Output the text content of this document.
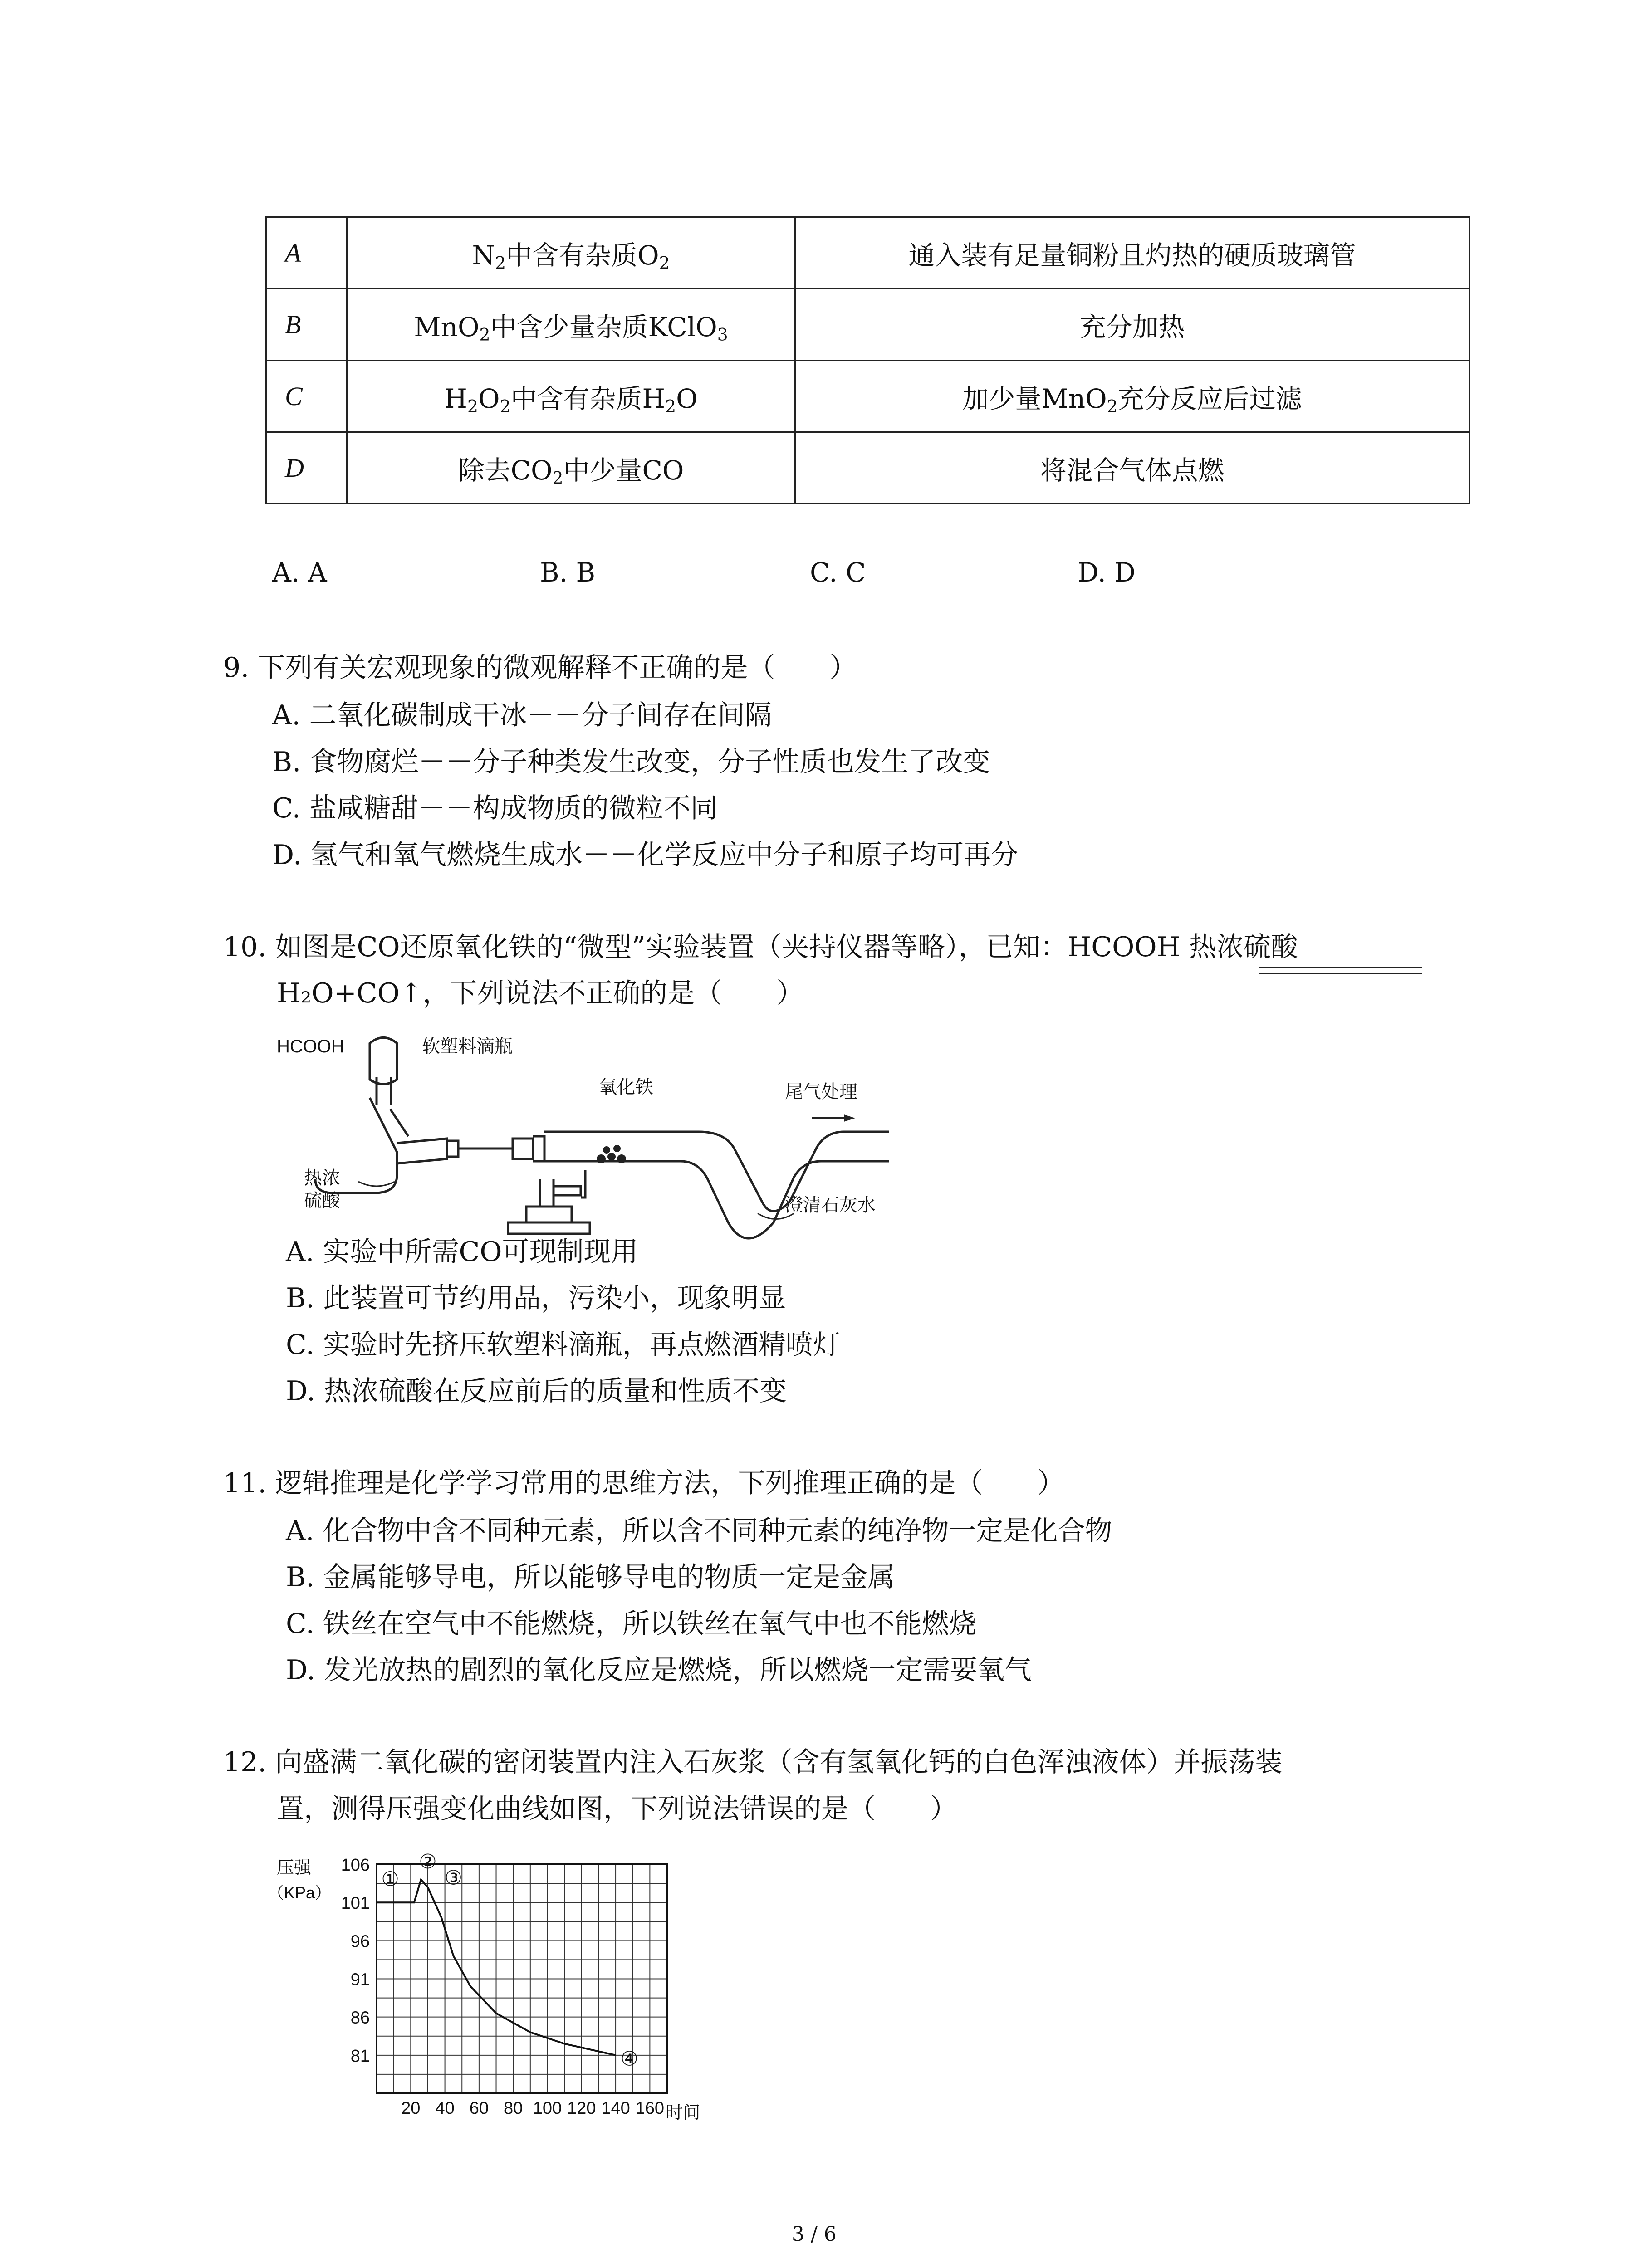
A	$N_2$中含有杂质$O_2$	通入装有足量铜粉且灼热的硬质玻璃管
B	MnO$_2$中含少量杂质KClO$_3$	充分加热
C	$H_2O_2$中含有杂质$H_2O$	加少量MnO$_2$充分反应后过滤
D	除去$CO_2$中少量CO	将混合气体点燃
A. A	B. B	C. C	D. D
9. 下列有关宏观现象的微观解释不正确的是（　　）
A. 二氧化碳制成干冰－－分子间存在间隔
B. 食物腐烂－－分子种类发生改变，分子性质也发生了改变
C. 盐咸糖甜－－构成物质的微粒不同
D. 氢气和氧气燃烧生成水－－化学反应中分子和原子均可再分
10. 如图是CO还原氧化铁的“微型”实验装置（夹持仪器等略），已知：HCOOH 热浓硫酸
H₂O+CO↑，下列说法不正确的是（　　）
HCOOH	软塑料滴瓶
氧化铁	尾气处理
热浓
硫酸	澄清石灰水
A. 实验中所需CO可现制现用
B. 此装置可节约用品，污染小，现象明显
C. 实验时先挤压软塑料滴瓶，再点燃酒精喷灯
D. 热浓硫酸在反应前后的质量和性质不变
11. 逻辑推理是化学学习常用的思维方法，下列推理正确的是（　　）
A. 化合物中含不同种元素，所以含不同种元素的纯净物一定是化合物
B. 金属能够导电，所以能够导电的物质一定是金属
C. 铁丝在空气中不能燃烧，所以铁丝在氧气中也不能燃烧
D. 发光放热的剧烈的氧化反应是燃烧，所以燃烧一定需要氧气
12. 向盛满二氧化碳的密闭装置内注入石灰浆（含有氢氧化钙的白色浑浊液体）并振荡装
置，测得压强变化曲线如图，下列说法错误的是（　　）
81
86
91
96
101
106
20 40 60 80 100 120 140 160 时间
压强
（KPa）
①
②
③
④
3 / 6
